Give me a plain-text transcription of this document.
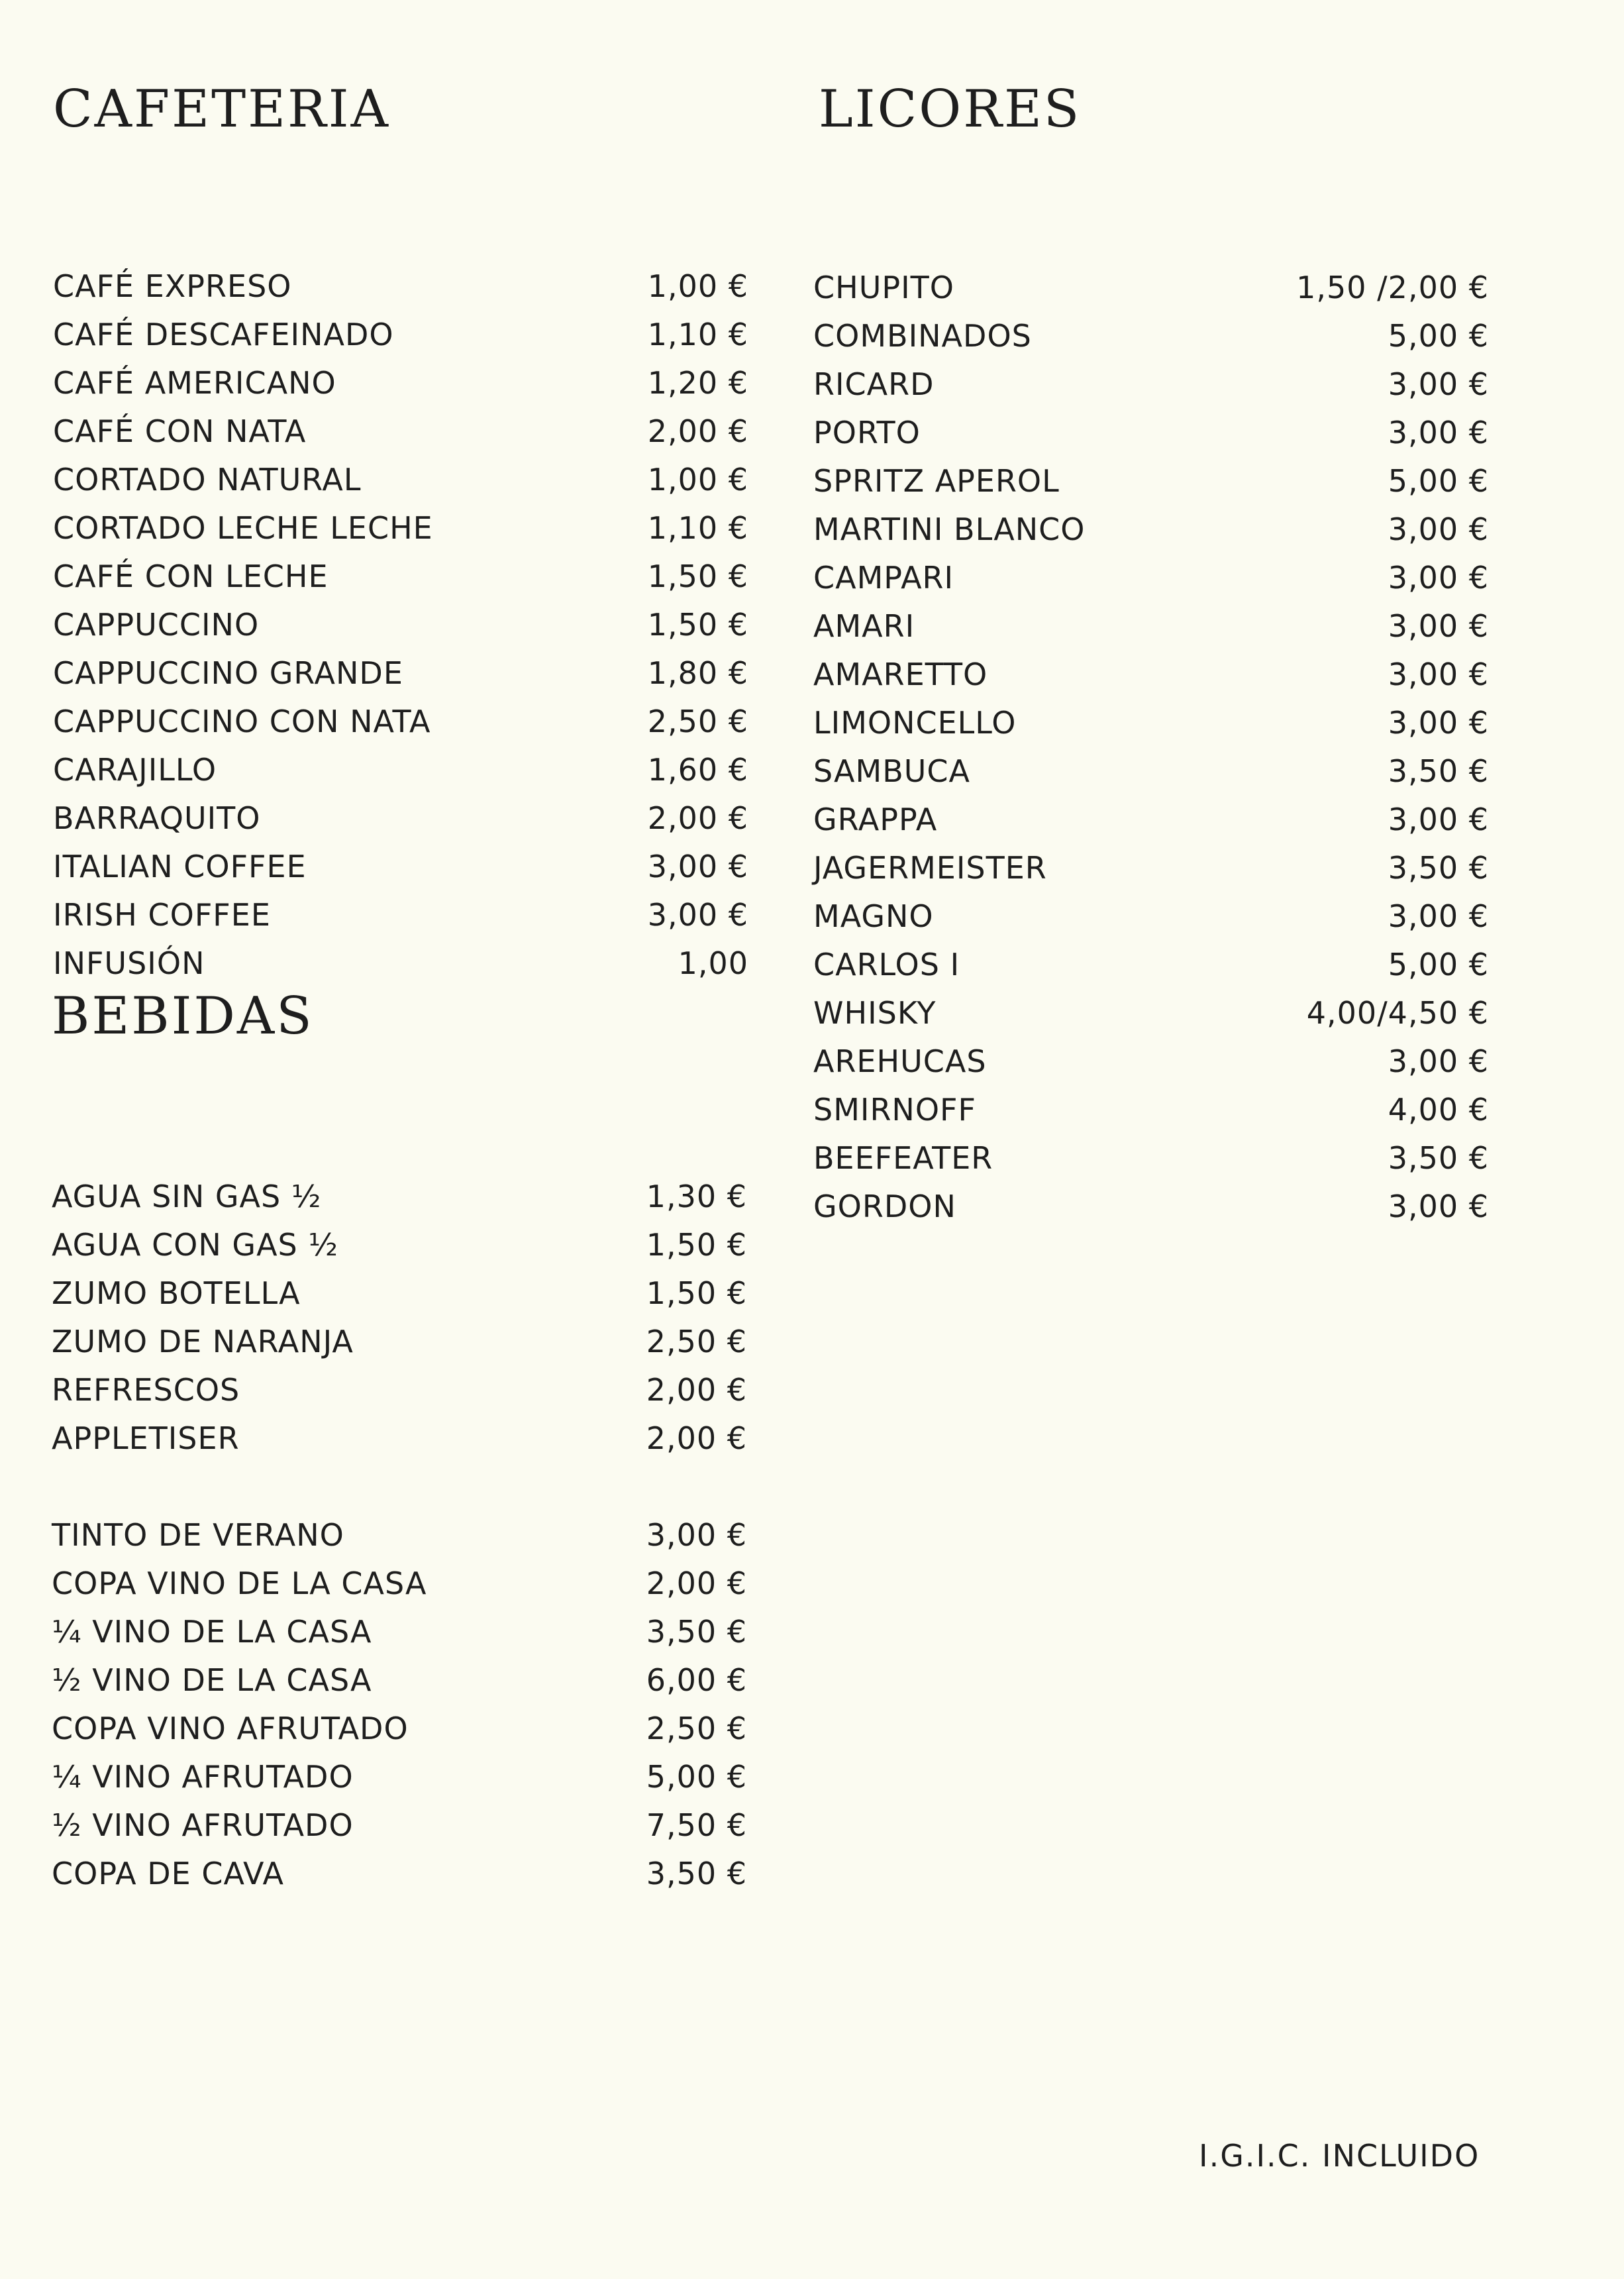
CAFETERIA
CAFÉ EXPRESO	1,00 €
CAFÉ DESCAFEINADO	1,10 €
CAFÉ AMERICANO	1,20 €
CAFÉ CON NATA	2,00 €
CORTADO NATURAL	1,00 €
CORTADO LECHE LECHE	1,10 €
CAFÉ CON LECHE	1,50 €
CAPPUCCINO	1,50 €
CAPPUCCINO GRANDE	1,80 €
CAPPUCCINO CON NATA	2,50 €
CARAJILLO	1,60 €
BARRAQUITO	2,00 €
ITALIAN COFFEE	3,00 €
IRISH COFFEE	3,00 €
INFUSIÓN	1,00
BEBIDAS
AGUA SIN GAS ½	1,30 €
AGUA CON GAS ½	1,50 €
ZUMO BOTELLA	1,50 €
ZUMO DE NARANJA	2,50 €
REFRESCOS	2,00 €
APPLETISER	2,00 €
TINTO DE VERANO	3,00 €
COPA VINO DE LA CASA	2,00 €
¼ VINO DE LA CASA	3,50 €
½ VINO DE LA CASA	6,00 €
COPA VINO AFRUTADO	2,50 €
¼ VINO AFRUTADO	5,00 €
½ VINO AFRUTADO	7,50 €
COPA DE CAVA	3,50 €
LICORES
CHUPITO	1,50 /2,00 €
COMBINADOS	5,00 €
RICARD	3,00 €
PORTO	3,00 €
SPRITZ APEROL	5,00 €
MARTINI BLANCO	3,00 €
CAMPARI	3,00 €
AMARI	3,00 €
AMARETTO	3,00 €
LIMONCELLO	3,00 €
SAMBUCA	3,50 €
GRAPPA	3,00 €
JAGERMEISTER	3,50 €
MAGNO	3,00 €
CARLOS I	5,00 €
WHISKY	4,00/4,50 €
AREHUCAS	3,00 €
SMIRNOFF	4,00 €
BEEFEATER	3,50 €
GORDON	3,00 €
I.G.I.C. INCLUIDO
